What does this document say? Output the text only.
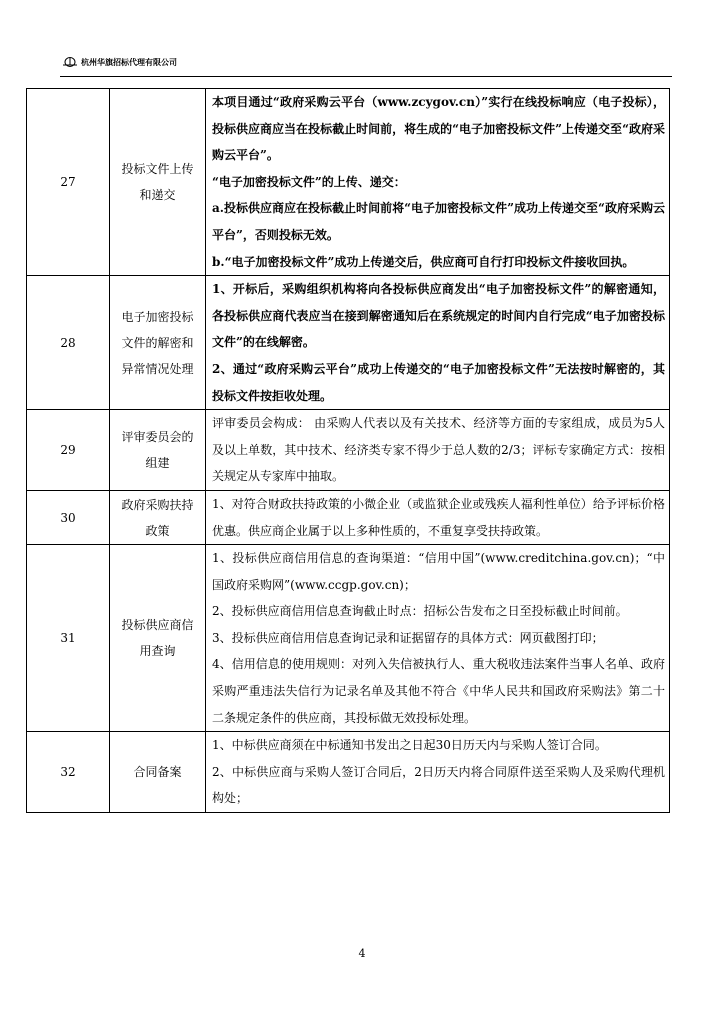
杭州华旗招标代理有限公司
27	投标文件上传和递交	本项目通过“政府采购云平台（www.zcygov.cn）”实行在线投标响应（电子投标），投标供应商应当在投标截止时间前，将生成的“电子加密投标文件”上传递交至“政府采购云平台”。

“电子加密投标文件”的上传、递交：

a.投标供应商应在投标截止时间前将“电子加密投标文件”成功上传递交至“政府采购云平台”，否则投标无效。

b.“电子加密投标文件”成功上传递交后，供应商可自行打印投标文件接收回执。

28	电子加密投标文件的解密和异常情况处理	1、开标后，采购组织机构将向各投标供应商发出“电子加密投标文件”的解密通知，各投标供应商代表应当在接到解密通知后在系统规定的时间内自行完成“电子加密投标文件”的在线解密。

2、通过“政府采购云平台”成功上传递交的“电子加密投标文件”无法按时解密的，其投标文件按拒收处理。

29	评审委员会的组建	评审委员会构成： 由采购人代表以及有关技术、经济等方面的专家组成，成员为5人及以上单数，其中技术、经济类专家不得少于总人数的2/3；评标专家确定方式：按相关规定从专家库中抽取。

30	政府采购扶持政策	1、对符合财政扶持政策的小微企业（或监狱企业或残疾人福利性单位）给予评标价格优惠。供应商企业属于以上多种性质的，不重复享受扶持政策。

31	投标供应商信用查询	1、投标供应商信用信息的查询渠道：“信用中国”(www.creditchina.gov.cn)；“中国政府采购网”(www.ccgp.gov.cn)；

2、投标供应商信用信息查询截止时点：招标公告发布之日至投标截止时间前。

3、投标供应商信用信息查询记录和证据留存的具体方式：网页截图打印；

4、信用信息的使用规则：对列入失信被执行人、重大税收违法案件当事人名单、政府采购严重违法失信行为记录名单及其他不符合《中华人民共和国政府采购法》第二十二条规定条件的供应商，其投标做无效投标处理。

32	合同备案	1、中标供应商须在中标通知书发出之日起30日历天内与采购人签订合同。

2、中标供应商与采购人签订合同后，2日历天内将合同原件送至采购人及采购代理机构处；

4
